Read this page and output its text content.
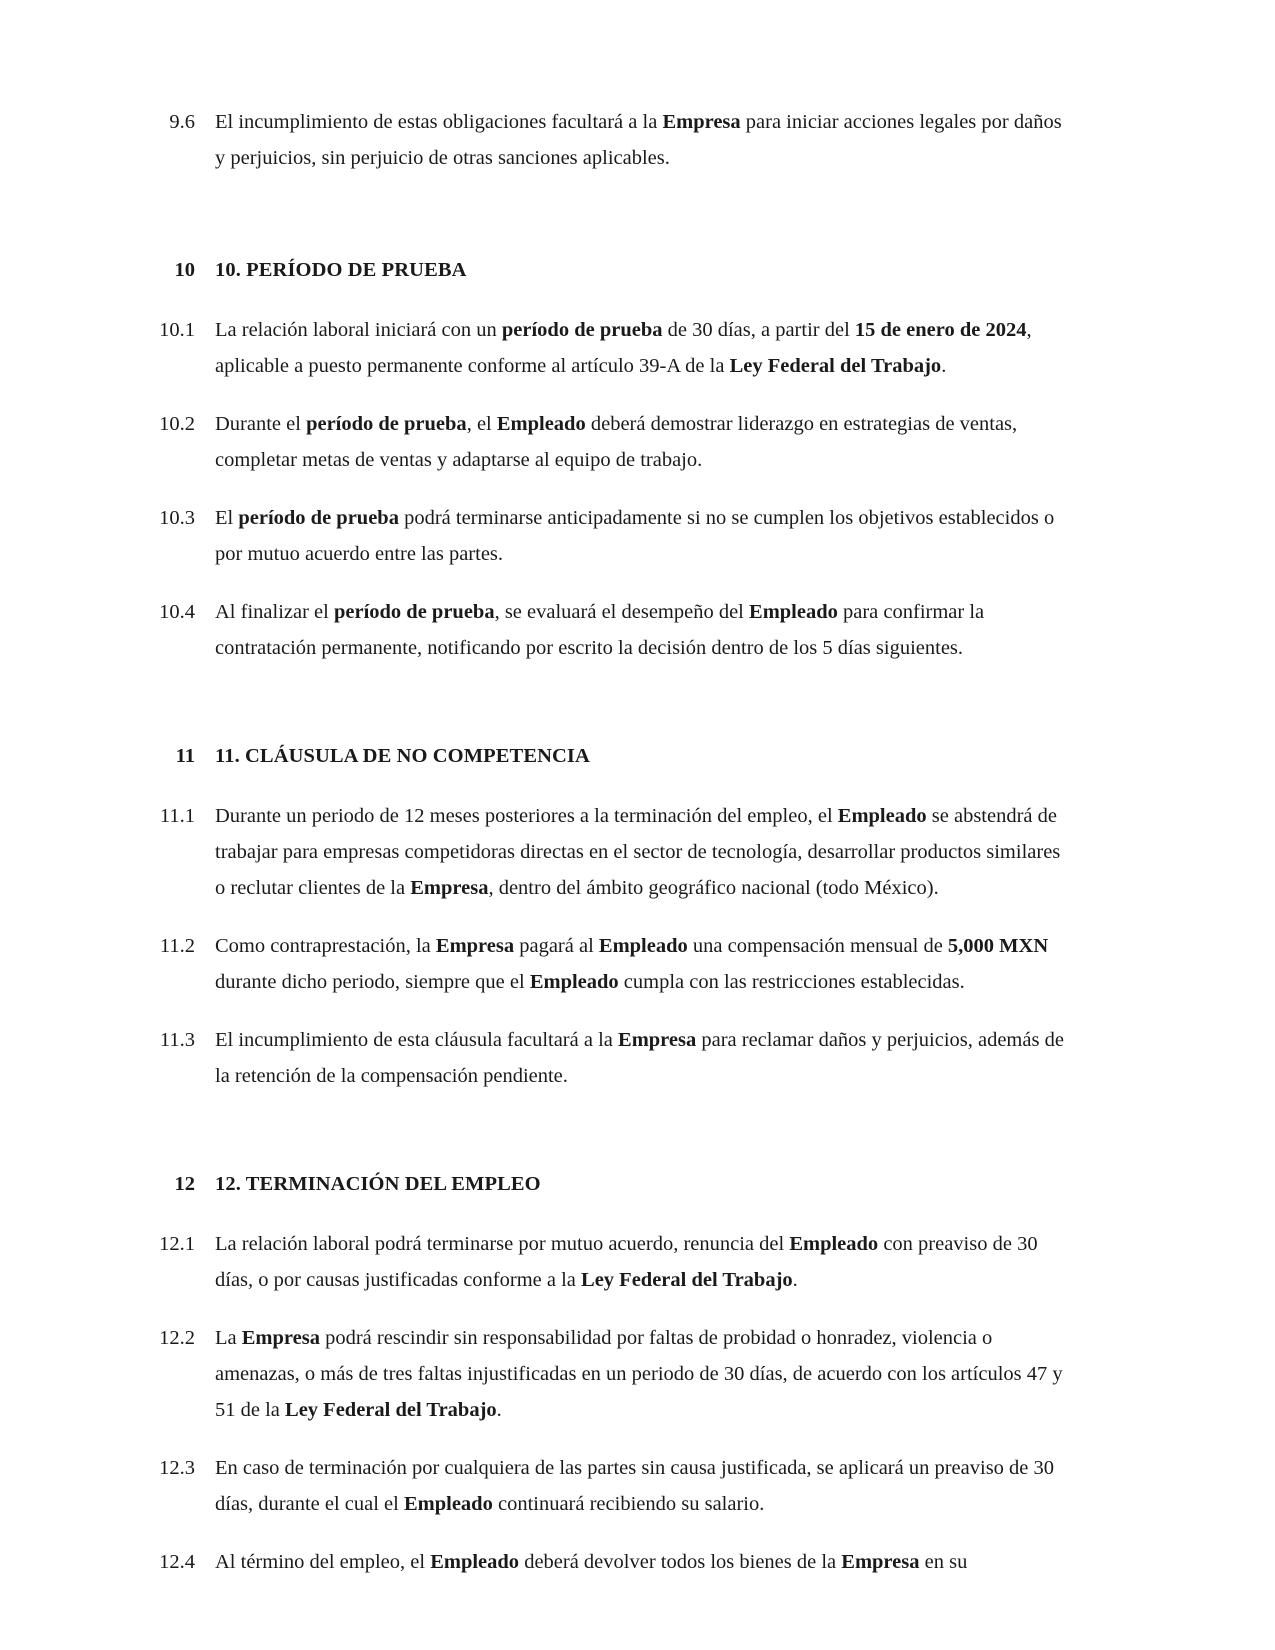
9.6 El incumplimiento de estas obligaciones facultará a la Empresa para iniciar acciones legales por daños y perjuicios, sin perjuicio de otras sanciones aplicables.
10 10. PERÍODO DE PRUEBA
10.1 La relación laboral iniciará con un período de prueba de 30 días, a partir del 15 de enero de 2024, aplicable a puesto permanente conforme al artículo 39-A de la Ley Federal del Trabajo.
10.2 Durante el período de prueba, el Empleado deberá demostrar liderazgo en estrategias de ventas, completar metas de ventas y adaptarse al equipo de trabajo.
10.3 El período de prueba podrá terminarse anticipadamente si no se cumplen los objetivos establecidos o por mutuo acuerdo entre las partes.
10.4 Al finalizar el período de prueba, se evaluará el desempeño del Empleado para confirmar la contratación permanente, notificando por escrito la decisión dentro de los 5 días siguientes.
11 11. CLÁUSULA DE NO COMPETENCIA
11.1 Durante un periodo de 12 meses posteriores a la terminación del empleo, el Empleado se abstendrá de trabajar para empresas competidoras directas en el sector de tecnología, desarrollar productos similares o reclutar clientes de la Empresa, dentro del ámbito geográfico nacional (todo México).
11.2 Como contraprestación, la Empresa pagará al Empleado una compensación mensual de 5,000 MXN durante dicho periodo, siempre que el Empleado cumpla con las restricciones establecidas.
11.3 El incumplimiento de esta cláusula facultará a la Empresa para reclamar daños y perjuicios, además de la retención de la compensación pendiente.
12 12. TERMINACIÓN DEL EMPLEO
12.1 La relación laboral podrá terminarse por mutuo acuerdo, renuncia del Empleado con preaviso de 30 días, o por causas justificadas conforme a la Ley Federal del Trabajo.
12.2 La Empresa podrá rescindir sin responsabilidad por faltas de probidad o honradez, violencia o amenazas, o más de tres faltas injustificadas en un periodo de 30 días, de acuerdo con los artículos 47 y 51 de la Ley Federal del Trabajo.
12.3 En caso de terminación por cualquiera de las partes sin causa justificada, se aplicará un preaviso de 30 días, durante el cual el Empleado continuará recibiendo su salario.
12.4 Al término del empleo, el Empleado deberá devolver todos los bienes de la Empresa en su
